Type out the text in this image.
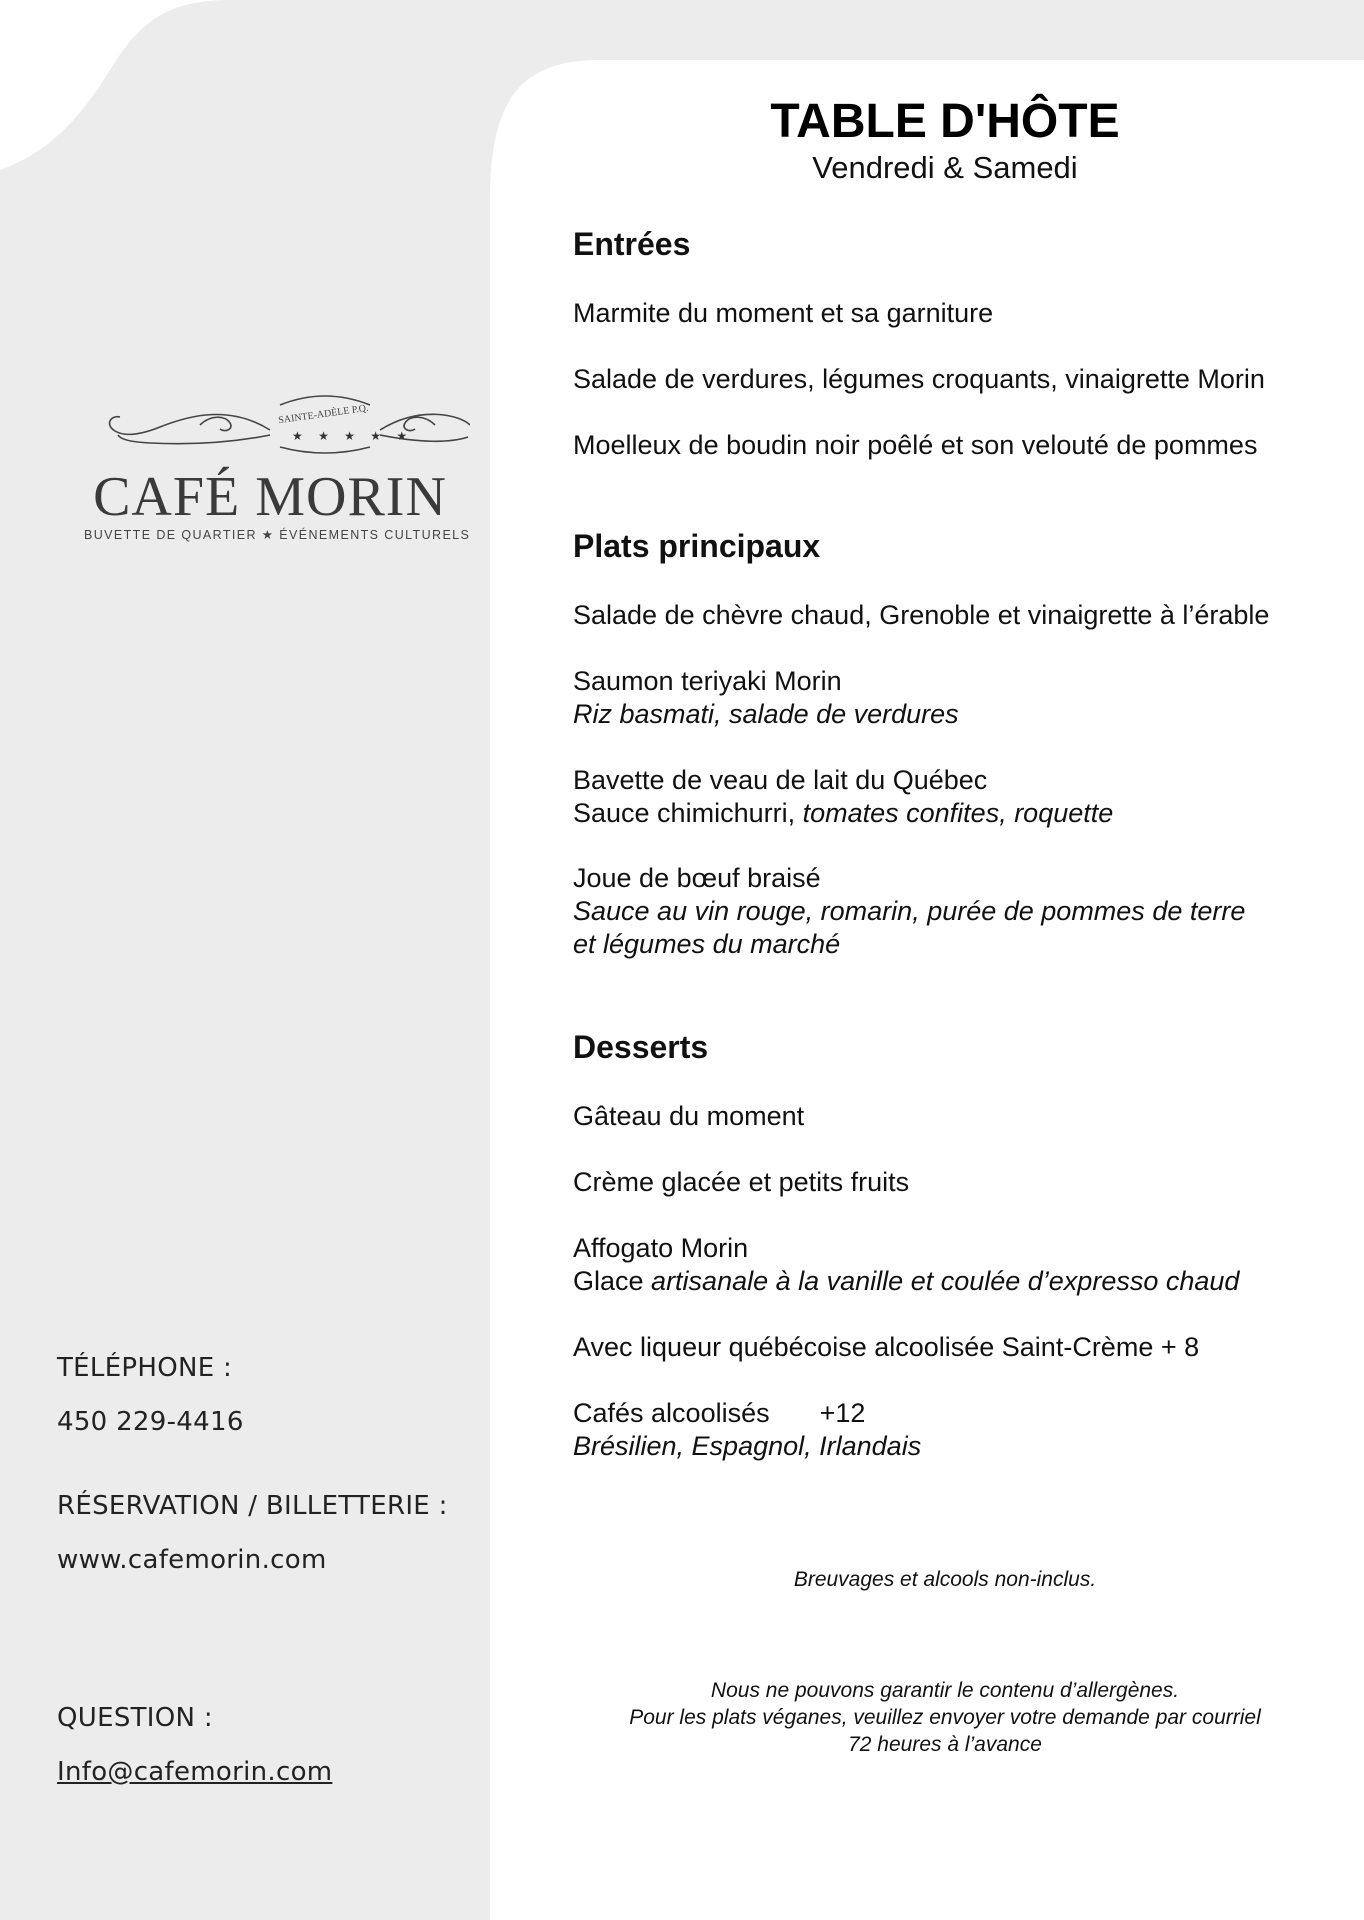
SAINTE-ADÈLE P.Q.
★ ★ ★ ★ ★
CAFÉ MORIN
BUVETTE DE QUARTIER ★ ÉVÉNEMENTS CULTURELS
TÉLÉPHONE :
450 229-4416
RÉSERVATION / BILLETTERIE :
www.cafemorin.com
QUESTION :
Info@cafemorin.com
TABLE D'HÔTE
Vendredi & Samedi
Entrées
Marmite du moment et sa garniture
Salade de verdures, légumes croquants, vinaigrette Morin
Moelleux de boudin noir poêlé et son velouté de pommes
Plats principaux
Salade de chèvre chaud, Grenoble et vinaigrette à l’érable
Saumon teriyaki Morin
Riz basmati, salade de verdures
Bavette de veau de lait du Québec
Sauce chimichurri, tomates confites, roquette
Joue de bœuf braisé
Sauce au vin rouge, romarin, purée de pommes de terre
et légumes du marché
Desserts
Gâteau du moment
Crème glacée et petits fruits
Affogato Morin
Glace artisanale à la vanille et coulée d’expresso chaud
Avec liqueur québécoise alcoolisée Saint-Crème + 8
Cafés alcoolisés +12
Brésilien, Espagnol, Irlandais
Breuvages et alcools non-inclus.
Nous ne pouvons garantir le contenu d’allergènes.
Pour les plats véganes, veuillez envoyer votre demande par courriel
72 heures à l’avance
